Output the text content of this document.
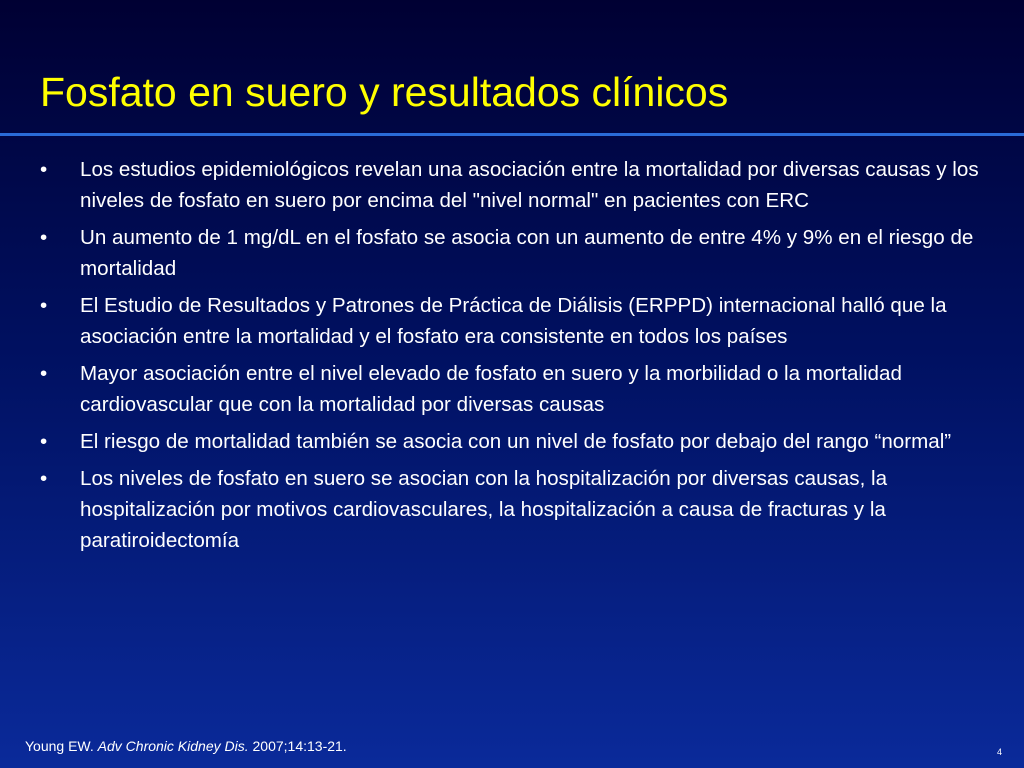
Fosfato en suero y resultados clínicos
•	Los estudios epidemiológicos revelan una asociación entre la mortalidad por diversas causas y los niveles de fosfato en suero por encima del "nivel normal" en pacientes con ERC
•	Un aumento de 1 mg/dL en el fosfato se asocia con un aumento de entre 4% y 9% en el riesgo de mortalidad
•	El Estudio de Resultados y Patrones de Práctica de Diálisis (ERPPD) internacional halló que la asociación entre la mortalidad y el fosfato era consistente en todos los países
•	Mayor asociación entre el nivel elevado de fosfato en suero y la morbilidad o la mortalidad cardiovascular que con la mortalidad por diversas causas
•	El riesgo de mortalidad también se asocia con un nivel de fosfato por debajo del rango “normal”
•	Los niveles de fosfato en suero se asocian con la hospitalización por diversas causas, la hospitalización por motivos cardiovasculares, la hospitalización a causa de fracturas y la paratiroidectomía
Young EW. Adv Chronic Kidney Dis. 2007;14:13-21.	4
